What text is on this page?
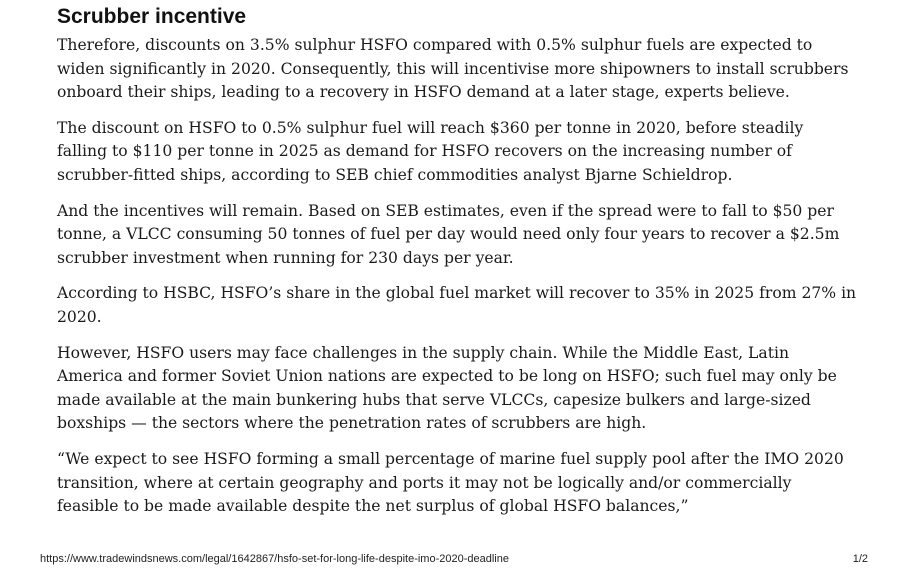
Scrubber incentive

Therefore, discounts on 3.5% sulphur HSFO compared with 0.5% sulphur fuels are expected to widen significantly in 2020. Consequently, this will incentivise more shipowners to install scrubbers onboard their ships, leading to a recovery in HSFO demand at a later stage, experts believe.

The discount on HSFO to 0.5% sulphur fuel will reach $360 per tonne in 2020, before steadily falling to $110 per tonne in 2025 as demand for HSFO recovers on the increasing number of scrubber-fitted ships, according to SEB chief commodities analyst Bjarne Schieldrop.

And the incentives will remain. Based on SEB estimates, even if the spread were to fall to $50 per tonne, a VLCC consuming 50 tonnes of fuel per day would need only four years to recover a $2.5m scrubber investment when running for 230 days per year.

According to HSBC, HSFO’s share in the global fuel market will recover to 35% in 2025 from 27% in 2020.

However, HSFO users may face challenges in the supply chain. While the Middle East, Latin America and former Soviet Union nations are expected to be long on HSFO; such fuel may only be made available at the main bunkering hubs that serve VLCCs, capesize bulkers and large-sized boxships — the sectors where the penetration rates of scrubbers are high.

“We expect to see HSFO forming a small percentage of marine fuel supply pool after the IMO 2020 transition, where at certain geography and ports it may not be logically and/or commercially feasible to be made available despite the net surplus of global HSFO balances,”

https://www.tradewindsnews.com/legal/1642867/hsfo-set-for-long-life-despite-imo-2020-deadline	1/2
